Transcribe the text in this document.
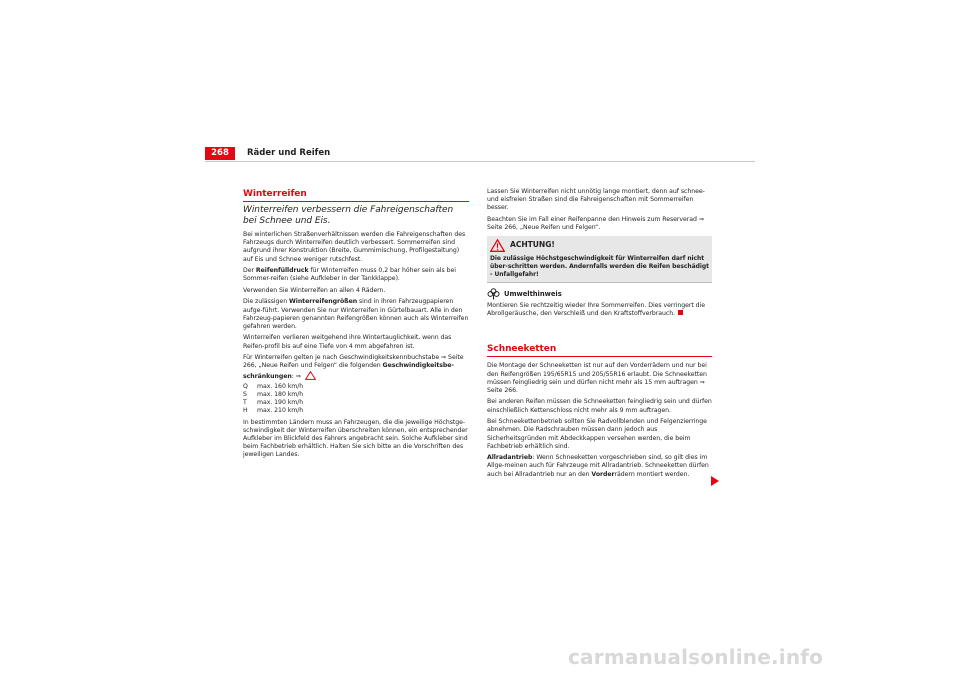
268	Räder und Reifen
Winterreifen
Winterreifen verbessern die Fahreigenschaften bei Schnee und Eis.

Bei winterlichen Straßenverhältnissen werden die Fahreigenschaften des Fahrzeugs durch Winterreifen deutlich verbessert. Sommerreifen sind aufgrund ihrer Konstruktion (Breite, Gummimischung, Profilgestaltung) auf Eis und Schnee weniger rutschfest.

Der Reifenfülldruck für Winterreifen muss 0,2 bar höher sein als bei Sommer-reifen (siehe Aufkleber in der Tankklappe).

Verwenden Sie Winterreifen an allen 4 Rädern.

Die zulässigen Winterreifengrößen sind in Ihren Fahrzeugpapieren aufge-führt. Verwenden Sie nur Winterreifen in Gürtelbauart. Alle in den Fahrzeug-papieren genannten Reifengrößen können auch als Winterreifen gefahren werden.

Winterreifen verlieren weitgehend ihre Wintertauglichkeit, wenn das Reifen-profil bis auf eine Tiefe von 4 mm abgefahren ist.

Für Winterreifen gelten je nach Geschwindigkeitskennbuchstabe ⇒ Seite 266, „Neue Reifen und Felgen“ die folgenden Geschwindigkeitsbe-schränkungen: ⇒

Q	max. 160 km/h
S	max. 180 km/h
T	max. 190 km/h
H	max. 210 km/h

In bestimmten Ländern muss an Fahrzeugen, die die jeweilige Höchstge-schwindigkeit der Winterreifen überschreiten können, ein entsprechender Aufkleber im Blickfeld des Fahrers angebracht sein. Solche Aufkleber sind beim Fachbetrieb erhältlich. Halten Sie sich bitte an die Vorschriften des jeweiligen Landes.

Lassen Sie Winterreifen nicht unnötig lange montiert, denn auf schnee- und eisfreien Straßen sind die Fahreigenschaften mit Sommerreifen besser.

Beachten Sie im Fall einer Reifenpanne den Hinweis zum Reserverad ⇒ Seite 266, „Neue Reifen und Felgen“.

ACHTUNG!
Die zulässige Höchstgeschwindigkeit für Winterreifen darf nicht über-schritten werden. Andernfalls werden die Reifen beschädigt - Unfallgefahr!
Umwelthinweis

Montieren Sie rechtzeitig wieder Ihre Sommerreifen. Dies verringert die Abrollgeräusche, den Verschleiß und den Kraftstoffverbrauch.

Schneeketten

Die Montage der Schneeketten ist nur auf den Vorderrädern und nur bei den Reifengrößen 195/65R15 und 205/55R16 erlaubt. Die Schneeketten müssen feingliedrig sein und dürfen nicht mehr als 15 mm auftragen ⇒ Seite 266.

Bei anderen Reifen müssen die Schneeketten feingliedrig sein und dürfen einschließlich Kettenschloss nicht mehr als 9 mm auftragen.

Bei Schneekettenbetrieb sollten Sie Radvollblenden und Felgenzierringe abnehmen. Die Radschrauben müssen dann jedoch aus Sicherheitsgründen mit Abdeckkappen versehen werden, die beim Fachbetrieb erhältlich sind.

Allradantrieb: Wenn Schneeketten vorgeschrieben sind, so gilt dies im Allge-meinen auch für Fahrzeuge mit Allradantrieb. Schneeketten dürfen auch bei Allradantrieb nur an den Vorderrädern montiert werden.

carmanualsonline.info
